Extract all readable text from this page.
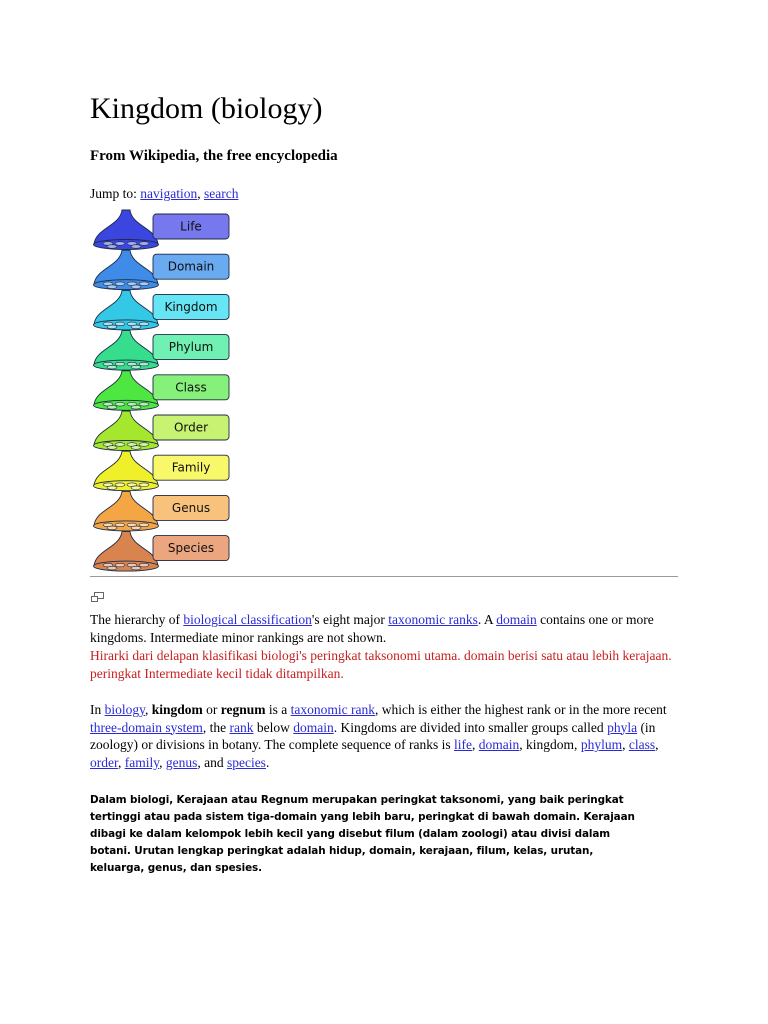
Kingdom (biology)
From Wikipedia, the free encyclopedia
Jump to: navigation, search
Life
Domain
Kingdom
Phylum
Class
Order
Family
Genus
Species

The hierarchy of biological classification's eight major taxonomic ranks. A domain contains one or more kingdoms. Intermediate minor rankings are not shown.

Hirarki dari delapan klasifikasi biologi's peringkat taksonomi utama. domain berisi satu atau lebih kerajaan. peringkat Intermediate kecil tidak ditampilkan.

In biology, kingdom or regnum is a taxonomic rank, which is either the highest rank or in the more recent three-domain system, the rank below domain. Kingdoms are divided into smaller groups called phyla (in zoology) or divisions in botany. The complete sequence of ranks is life, domain, kingdom, phylum, class, order, family, genus, and species.

Dalam biologi, Kerajaan atau Regnum merupakan peringkat taksonomi, yang baik peringkat tertinggi atau pada sistem tiga-domain yang lebih baru, peringkat di bawah domain. Kerajaan dibagi ke dalam kelompok lebih kecil yang disebut filum (dalam zoologi) atau divisi dalam botani. Urutan lengkap peringkat adalah hidup, domain, kerajaan, filum, kelas, urutan, keluarga, genus, dan spesies.
